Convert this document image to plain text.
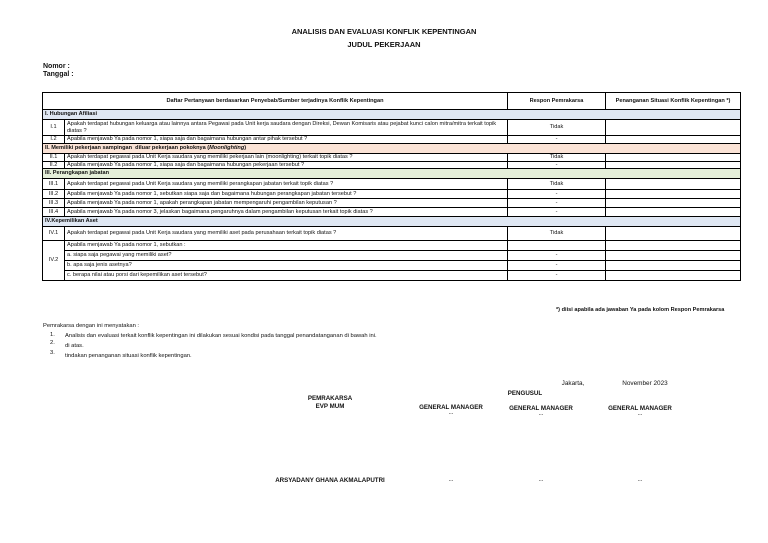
ANALISIS DAN EVALUASI KONFLIK KEPENTINGAN
JUDUL PEKERJAAN
Nomor :
Tanggal :
Daftar Pertanyaan berdasarkan Penyebab/Sumber terjadinya Konflik Kepentingan		Respon Pemrakarsa	Penanganan Situasi Konflik Kepentingan *)
I. Hubungan Afiliasi			
I.1	Apakah terdapat hubungan keluarga atau lainnya antara Pegawai pada Unit kerja saudara dengan Direksi, Dewan Komisaris atau pejabat kunci calon mitra/mitra terkait topik diatas ?	Tidak	
I.2	Apabila menjawab Ya pada nomor 1, siapa saja dan bagaimana hubungan antar pihak tersebut ?	-	
II. Memiliki pekerjaan sampingan  diluar pekerjaan pokoknya (Moonlighting)			
II.1	Apakah terdapat pegawai pada Unit Kerja saudara yang memiliki pekerjaan lain (moonlighting) terkait topik diatas ?	Tidak	
II.2	Apabila menjawab Ya pada nomor 1, siapa saja dan bagaimana hubungan pekerjaan tersebut ?	-	
III. Perangkapan jabatan			
III.1	Apakah terdapat pegawai pada Unit Kerja saudara yang memiliki perangkapan jabatan terkait topik diatas ?	Tidak	
III.2	Apabila menjawab Ya pada nomor 1, sebutkan siapa saja dan bagaimana hubungan perangkapan jabatan tersebut ?	-	
III.3	Apabila menjawab Ya pada nomor 1, apakah perangkapan jabatan mempengaruhi pengambilan keputusan ?	-	
III.4	Apabila menjawab Ya pada nomor 3, jelaskan bagaimana pengaruhnya dalam pengambilan keputusan terkait topik diatas ?	-	
IV.Kepemilikan Aset			
IV.1	Apakah terdapat pegawai pada Unit Kerja saudara yang memiliki aset pada perusahaan terkait topik diatas ?	Tidak	
IV.2	Apabila menjawab Ya pada nomor 1, sebutkan :		
	a. siapa saja pegawai yang memiliki aset?	-	
	b. apa saja jenis asetnya?	-	
	c. berapa nilai atau porsi dari kepemilikan aset tersebut?	-	
*) diisi apabila ada jawaban Ya pada kolom Respon Pemrakarsa
Pemrakarsa dengan ini menyatakan :
1. Analisis dan evaluasi terkait konflik kepentingan ini dilakukan sesuai kondisi pada tanggal penandatanganan di bawah ini.
2. di atas.
3. tindakan penanganan situasi konflik kepentingan.
Jakarta,	November 2023
PENGUSUL
PEMRAKARSA
EVP MUM	GENERAL MANAGER
...
GENERAL MANAGER
...
GENERAL MANAGER
...
ARSYADANY GHANA AKMALAPUTRI	...	...	...
